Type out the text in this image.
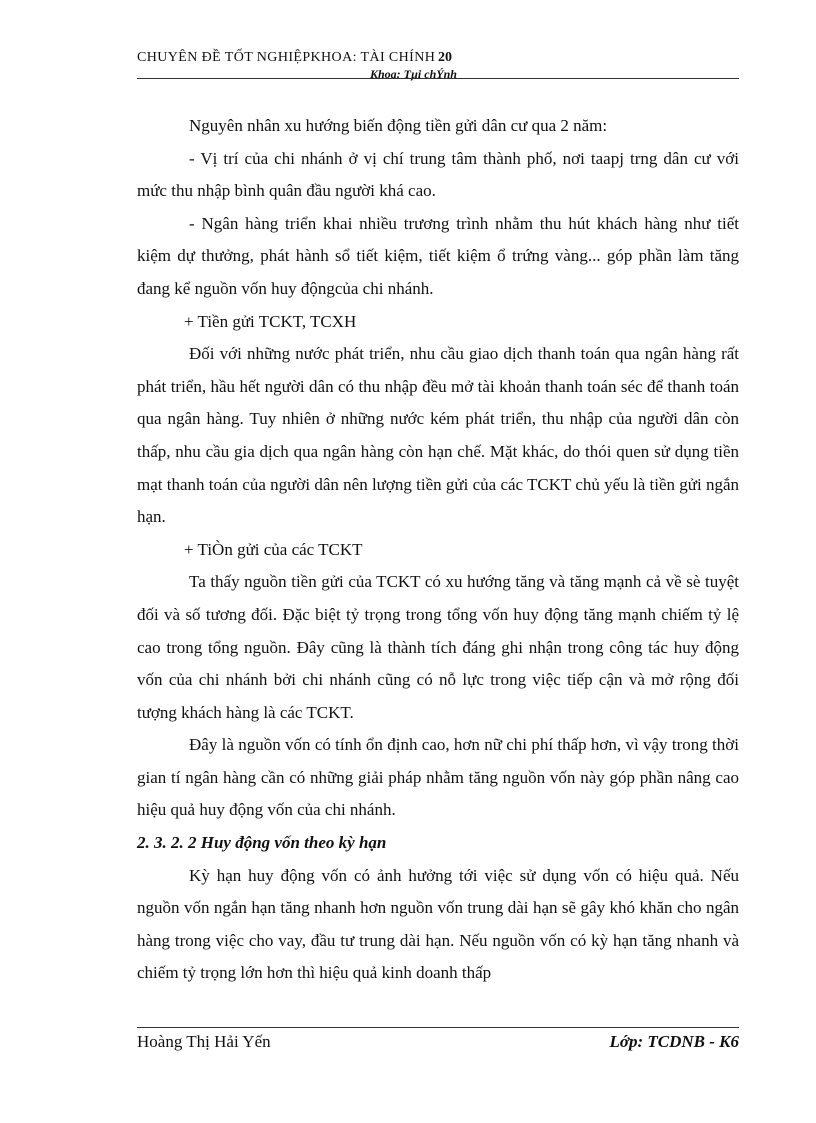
CHUYÊN ĐỀ TỐT NGHIỆPKHOA: TÀI CHÍNH 20
Khoa: Tµi chÝnh

Nguyên nhân xu hướng biến động tiền gửi dân cư qua 2 năm:

- Vị trí của chi nhánh ở vị chí trung tâm thành phố, nơi taapj trng dân cư với mức thu nhập bình quân đầu người khá cao.

- Ngân hàng triển khai nhiều trương trình nhằm thu hút khách hàng như tiết kiệm dự thưởng, phát hành sổ tiết kiệm, tiết kiệm ổ trứng vàng... góp phần làm tăng đang kể nguồn vốn huy độngcủa chi nhánh.

+ Tiền gửi TCKT, TCXH

Đối với những nước phát triển, nhu cầu giao dịch thanh toán qua ngân hàng rất phát triển, hầu hết người dân có thu nhập đều mở tài khoản thanh toán séc để thanh toán qua ngân hàng. Tuy nhiên ở những nước kém phát triển, thu nhập của người dân còn thấp, nhu cầu gia dịch qua ngân hàng còn hạn chế. Mặt khác, do thói quen sử dụng tiền mạt thanh toán của người dân nên lượng tiền gửi của các TCKT chủ yếu là tiền gửi ngắn hạn.

+ TiÒn gửi của các TCKT

Ta thấy nguồn tiền gửi của TCKT có xu hướng tăng và tăng mạnh cả về sè tuyệt đối và số tương đối. Đặc biệt tỷ trọng trong tổng vốn huy động tăng mạnh chiếm tỷ lệ cao trong tổng nguồn. Đây cũng là thành tích đáng ghi nhận trong công tác huy động vốn của chi nhánh bởi chi nhánh cũng có nỗ lực trong việc tiếp cận và mở rộng đối tượng khách hàng là các TCKT.

Đây là nguồn vốn có tính ổn định cao, hơn nữ chi phí thấp hơn, vì vậy trong thời gian tí ngân hàng cần có những giải pháp nhằm tăng nguồn vốn này góp phần nâng cao hiệu quả huy động vốn của chi nhánh.

2. 3. 2. 2 Huy động vốn theo kỳ hạn

Kỳ hạn huy động vốn có ảnh hưởng tới việc sử dụng vốn có hiệu quả. Nếu nguồn vốn ngắn hạn tăng nhanh hơn nguồn vốn trung dài hạn sẽ gây khó khăn cho ngân hàng trong việc cho vay, đầu tư trung dài hạn. Nếu nguồn vốn có kỳ hạn tăng nhanh và chiếm tỷ trọng lớn hơn thì hiệu quả kinh doanh thấp

Hoàng Thị Hải Yến	Lớp: TCDNB - K6
